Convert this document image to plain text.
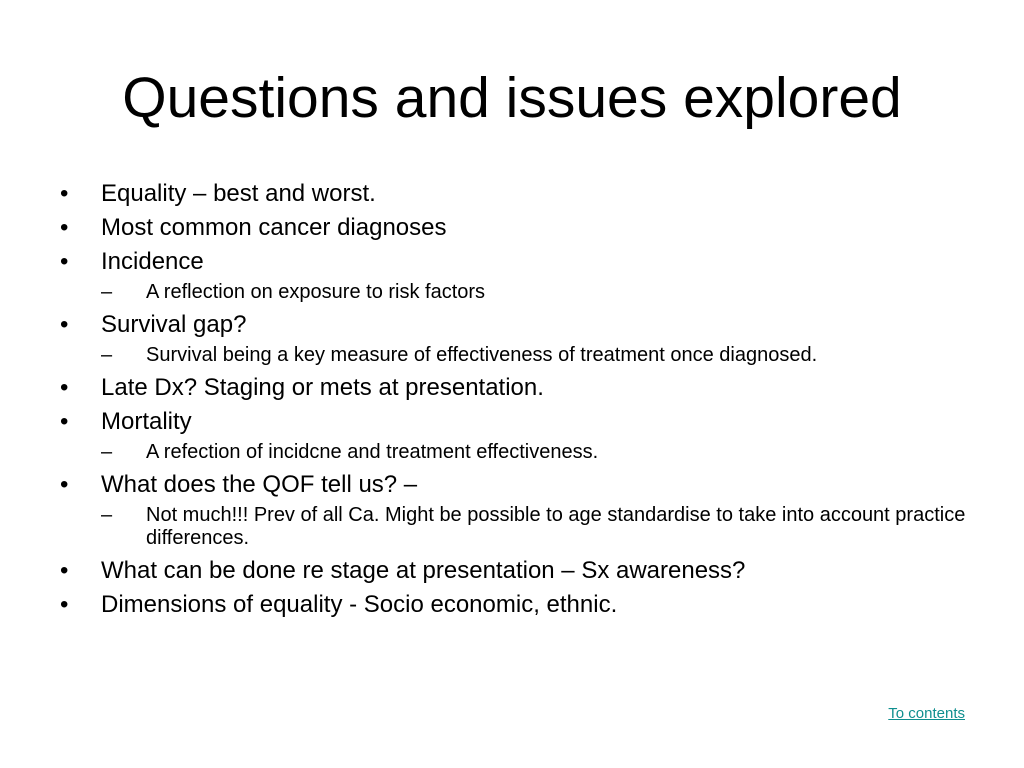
Questions and issues explored
•	Equality – best and worst.
•	Most common cancer diagnoses
•	Incidence
–	A reflection on exposure to risk factors
•	Survival gap?
–	Survival being a key measure of effectiveness of treatment once diagnosed.
•	Late Dx? Staging or mets at presentation.
•	Mortality
–	A refection of incidcne and treatment effectiveness.
•	What does the QOF tell us? –
–	Not much!!! Prev of all Ca. Might be possible to age standardise to take into account practice differences.
•	What can be done re stage at presentation – Sx awareness?
•	Dimensions of equality - Socio economic, ethnic.
To contents
